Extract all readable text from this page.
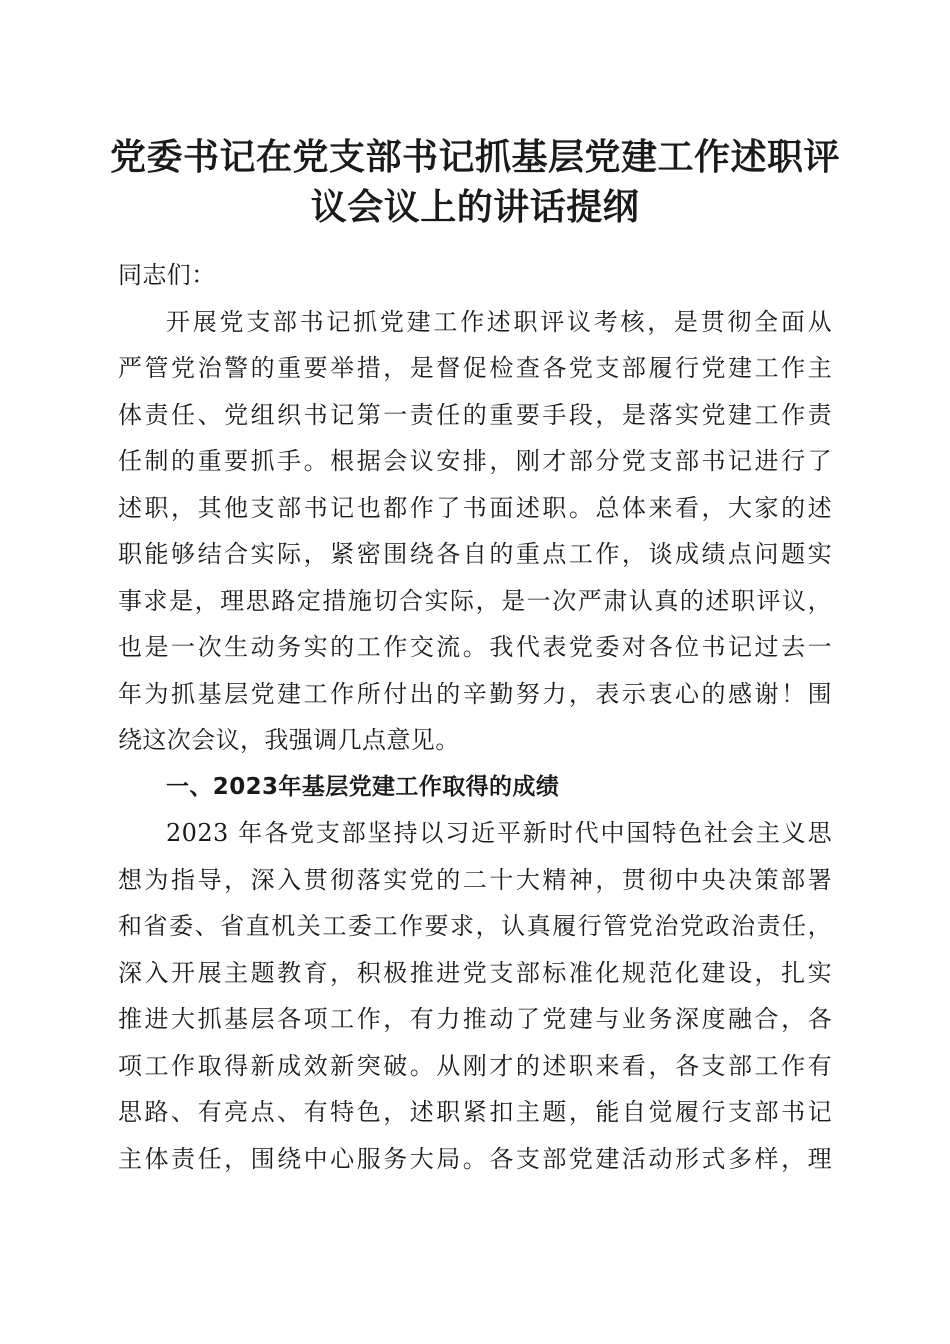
党委书记在党支部书记抓基层党建工作述职评
议会议上的讲话提纲

同志们：

开展党支部书记抓党建工作述职评议考核，是贯彻全面从
严管党治警的重要举措，是督促检查各党支部履行党建工作主
体责任、党组织书记第一责任的重要手段，是落实党建工作责
任制的重要抓手。根据会议安排，刚才部分党支部书记进行了
述职，其他支部书记也都作了书面述职。总体来看，大家的述
职能够结合实际，紧密围绕各自的重点工作，谈成绩点问题实
事求是，理思路定措施切合实际，是一次严肃认真的述职评议，
也是一次生动务实的工作交流。我代表党委对各位书记过去一
年为抓基层党建工作所付出的辛勤努力，表示衷心的感谢！围
绕这次会议，我强调几点意见。

一、2023年基层党建工作取得的成绩

2023 年各党支部坚持以习近平新时代中国特色社会主义思
想为指导，深入贯彻落实党的二十大精神，贯彻中央决策部署
和省委、省直机关工委工作要求，认真履行管党治党政治责任，
深入开展主题教育，积极推进党支部标准化规范化建设，扎实
推进大抓基层各项工作，有力推动了党建与业务深度融合，各
项工作取得新成效新突破。从刚才的述职来看，各支部工作有
思路、有亮点、有特色，述职紧扣主题，能自觉履行支部书记
主体责任，围绕中心服务大局。各支部党建活动形式多样，理
